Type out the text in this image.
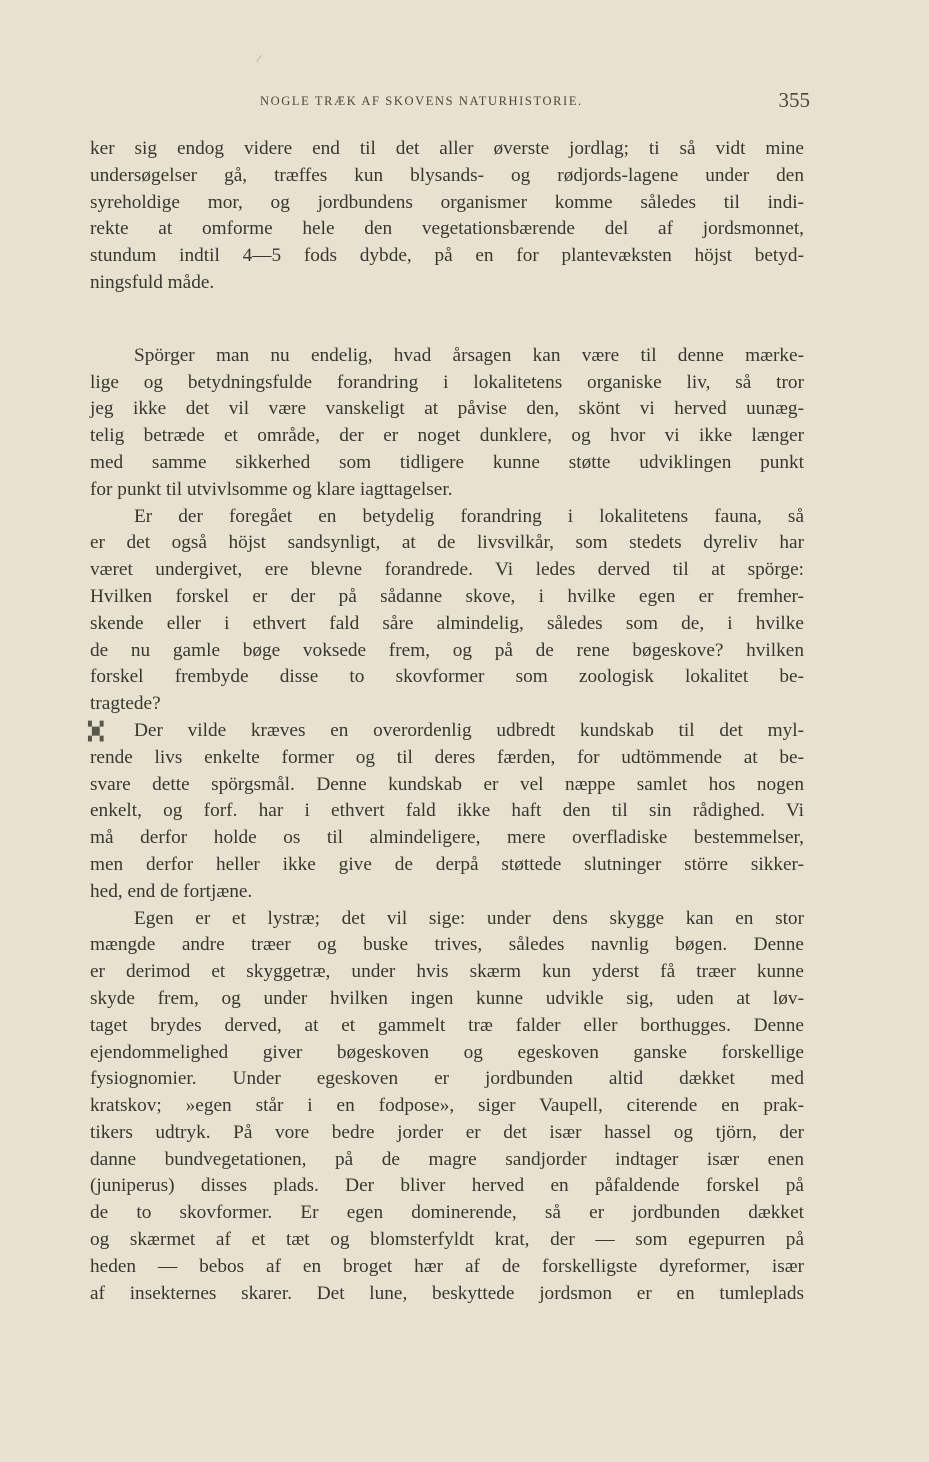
NOGLE TRÆK AF SKOVENS NATURHISTORIE.	355
ker sig endog videre end til det aller øverste jordlag; ti så vidt mine
undersøgelser gå, træffes kun blysands- og rødjords-lagene under den
syreholdige mor, og jordbundens organismer komme således til indi-
rekte at omforme hele den vegetationsbærende del af jordsmonnet,
stundum indtil 4—5 fods dybde, på en for plantevæksten höjst betyd-
ningsfuld måde.
Spörger man nu endelig, hvad årsagen kan være til denne mærke-
lige og betydningsfulde forandring i lokalitetens organiske liv, så tror
jeg ikke det vil være vanskeligt at påvise den, skönt vi herved uunæg-
telig betræde et område, der er noget dunklere, og hvor vi ikke længer
med samme sikkerhed som tidligere kunne støtte udviklingen punkt
for punkt til utvivlsomme og klare iagttagelser.
Er der foregået en betydelig forandring i lokalitetens fauna, så
er det også höjst sandsynligt, at de livsvilkår, som stedets dyreliv har
været undergivet, ere blevne forandrede. Vi ledes derved til at spörge:
Hvilken forskel er der på sådanne skove, i hvilke egen er fremher-
skende eller i ethvert fald såre almindelig, således som de, i hvilke
de nu gamle bøge voksede frem, og på de rene bøgeskove? hvilken
forskel frembyde disse to skovformer som zoologisk lokalitet be-
tragtede?
▚▞
▞▚	Der vilde kræves en overordenlig udbredt kundskab til det myl-
rende livs enkelte former og til deres færden, for udtömmende at be-
svare dette spörgsmål. Denne kundskab er vel næppe samlet hos nogen
enkelt, og forf. har i ethvert fald ikke haft den til sin rådighed. Vi
må derfor holde os til almindeligere, mere overfladiske bestemmelser,
men derfor heller ikke give de derpå støttede slutninger större sikker-
hed, end de fortjæne.
Egen er et lystræ; det vil sige: under dens skygge kan en stor
mængde andre træer og buske trives, således navnlig bøgen. Denne
er derimod et skyggetræ, under hvis skærm kun yderst få træer kunne
skyde frem, og under hvilken ingen kunne udvikle sig, uden at løv-
taget brydes derved, at et gammelt træ falder eller borthugges. Denne
ejendommelighed giver bøgeskoven og egeskoven ganske forskellige
fysiognomier. Under egeskoven er jordbunden altid dækket med
kratskov; »egen står i en fodpose», siger Vaupell, citerende en prak-
tikers udtryk. På vore bedre jorder er det især hassel og tjörn, der
danne bundvegetationen, på de magre sandjorder indtager især enen
(juniperus) disses plads. Der bliver herved en påfaldende forskel på
de to skovformer. Er egen dominerende, så er jordbunden dækket
og skærmet af et tæt og blomsterfyldt krat, der — som egepurren på
heden — bebos af en broget hær af de forskelligste dyreformer, især
af insekternes skarer. Det lune, beskyttede jordsmon er en tumleplads
